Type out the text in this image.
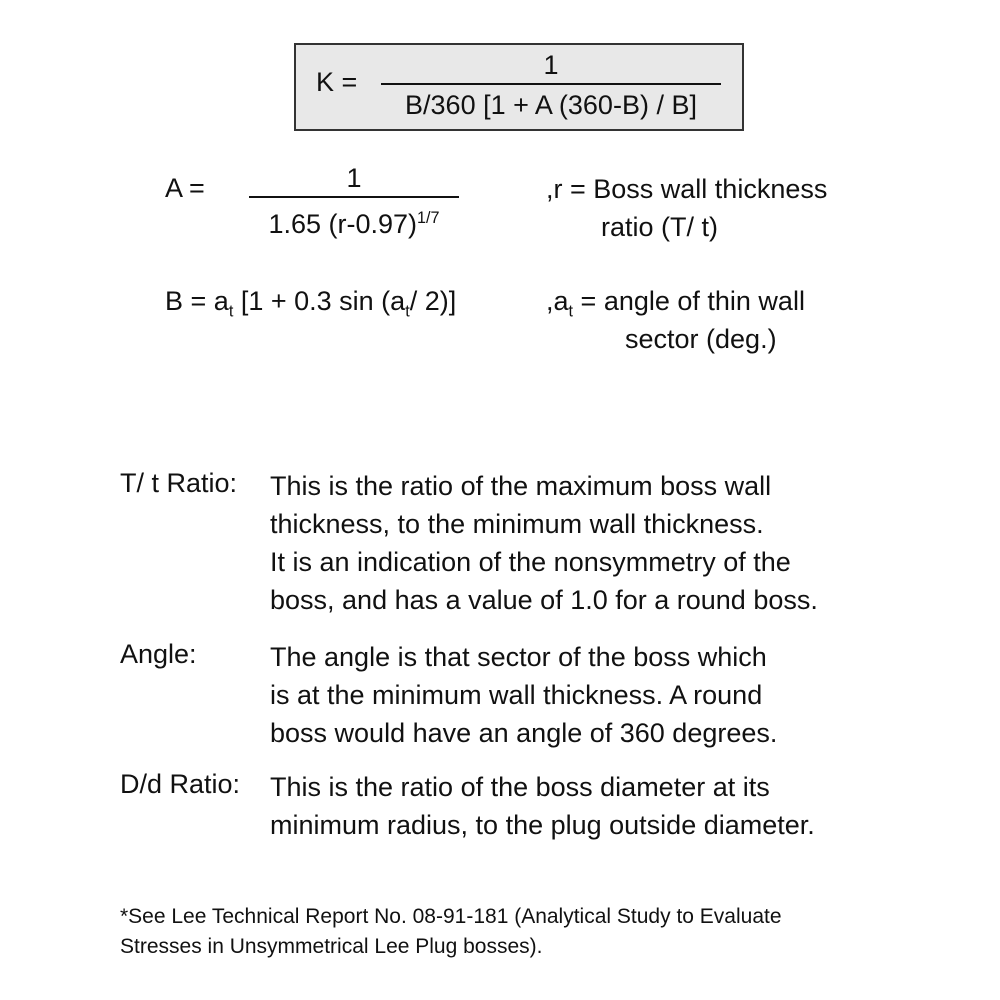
K =
1
B/360 [1 + A (360-B) / B]
A =	1
1.65 $(r-0.97)^{1/7}$
,r = Boss wall thickness
ratio (T/ t)
$B = a_t$ [1 + 0.3 $\sin (a_t/$ 2)]	$,a_t$ = angle of thin wall
sector (deg.)
T/ t Ratio: This is the ratio of the maximum boss wall
thickness, to the minimum wall thickness.
It is an indication of the nonsymmetry of the
boss, and has a value of 1.0 for a round boss.
Angle:	The angle is that sector of the boss which
is at the minimum wall thickness. A round
boss would have an angle of 360 degrees.
D/d Ratio: This is the ratio of the boss diameter at its
minimum radius, to the plug outside diameter.
*See Lee Technical Report No. 08-91-181 (Analytical Study to Evaluate
Stresses in Unsymmetrical Lee Plug bosses).
